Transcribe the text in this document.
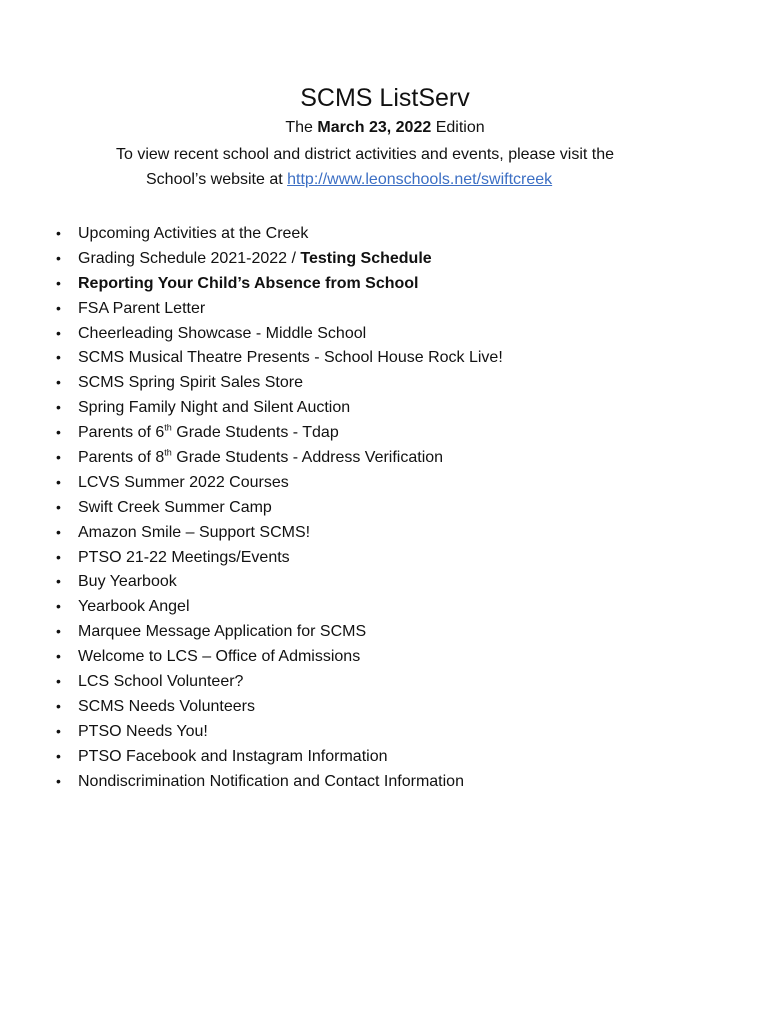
SCMS ListServ
The March 23, 2022 Edition
To view recent school and district activities and events, please visit the
School’s website at http://www.leonschools.net/swiftcreek
• Upcoming Activities at the Creek
• Grading Schedule 2021-2022 / Testing Schedule
• Reporting Your Child’s Absence from School
• FSA Parent Letter
• Cheerleading Showcase - Middle School
• SCMS Musical Theatre Presents - School House Rock Live!
• SCMS Spring Spirit Sales Store
• Spring Family Night and Silent Auction
• Parents of 6th Grade Students - Tdap
• Parents of 8th Grade Students - Address Verification
• LCVS Summer 2022 Courses
• Swift Creek Summer Camp
• Amazon Smile – Support SCMS!
• PTSO 21-22 Meetings/Events
• Buy Yearbook
• Yearbook Angel
• Marquee Message Application for SCMS
• Welcome to LCS – Office of Admissions
• LCS School Volunteer?
• SCMS Needs Volunteers
• PTSO Needs You!
• PTSO Facebook and Instagram Information
• Nondiscrimination Notification and Contact Information
